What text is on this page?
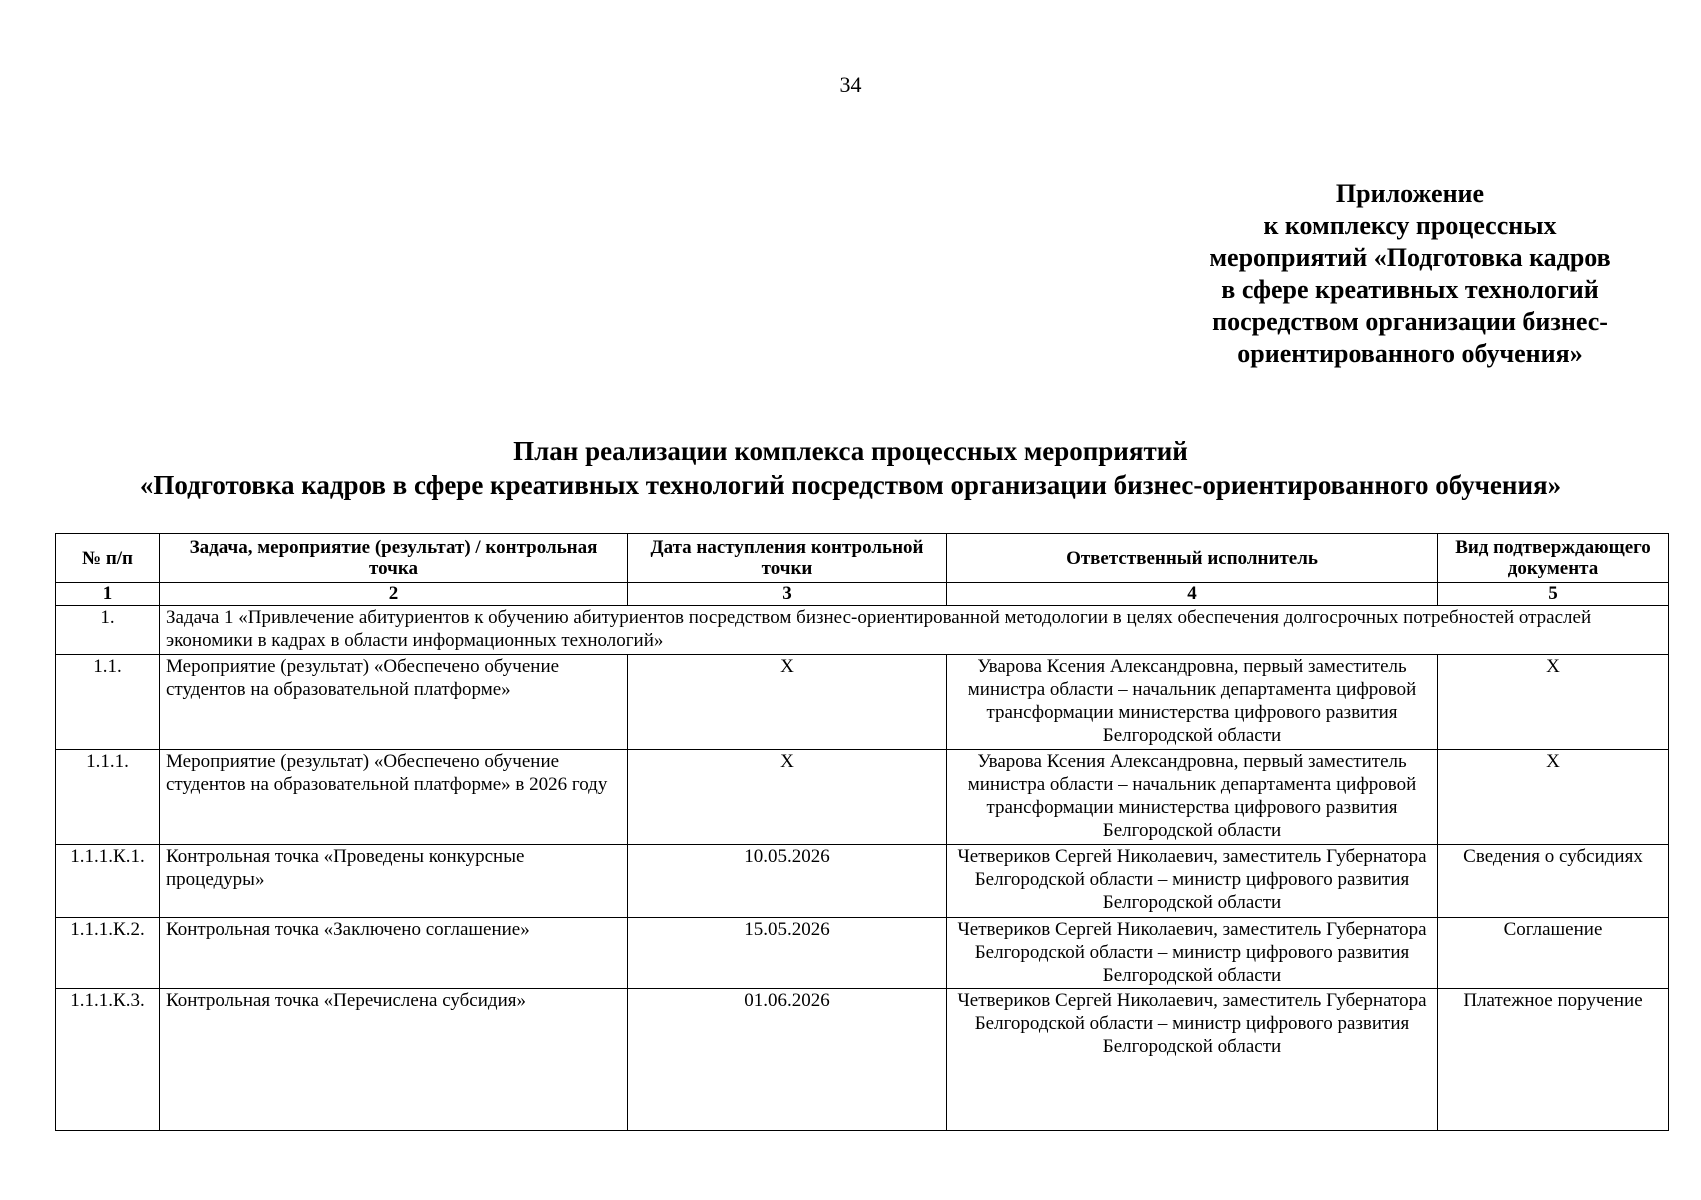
34
Приложение
к комплексу процессных
мероприятий «Подготовка кадров
в сфере креативных технологий
посредством организации бизнес-
ориентированного обучения»
План реализации комплекса процессных мероприятий
«Подготовка кадров в сфере креативных технологий посредством организации бизнес-ориентированного обучения»
№ п/п	Задача, мероприятие (результат) / контрольная точка	Дата наступления контрольной точки	Ответственный исполнитель	Вид подтверждающего документа
1	2	3	4	5
1.	Задача 1 «Привлечение абитуриентов к обучению абитуриентов посредством бизнес-ориентированной методологии в целях обеспечения долгосрочных потребностей отраслей экономики в кадрах в области информационных технологий»			
1.1.	Мероприятие (результат) «Обеспечено обучение студентов на образовательной платформе»	X	Уварова Ксения Александровна, первый заместитель министра области – начальник департамента цифровой трансформации министерства цифрового развития Белгородской области	X
1.1.1.	Мероприятие (результат) «Обеспечено обучение студентов на образовательной платформе» в 2026 году	X	Уварова Ксения Александровна, первый заместитель министра области – начальник департамента цифровой трансформации министерства цифрового развития Белгородской области	X
1.1.1.К.1.	Контрольная точка «Проведены конкурсные процедуры»	10.05.2026	Четвериков Сергей Николаевич, заместитель Губернатора Белгородской области – министр цифрового развития Белгородской области	Сведения о субсидиях
1.1.1.К.2.	Контрольная точка «Заключено соглашение»	15.05.2026	Четвериков Сергей Николаевич, заместитель Губернатора Белгородской области – министр цифрового развития Белгородской области	Соглашение
1.1.1.К.3.	Контрольная точка «Перечислена субсидия»	01.06.2026	Четвериков Сергей Николаевич, заместитель Губернатора Белгородской области – министр цифрового развития Белгородской области	Платежное поручение
